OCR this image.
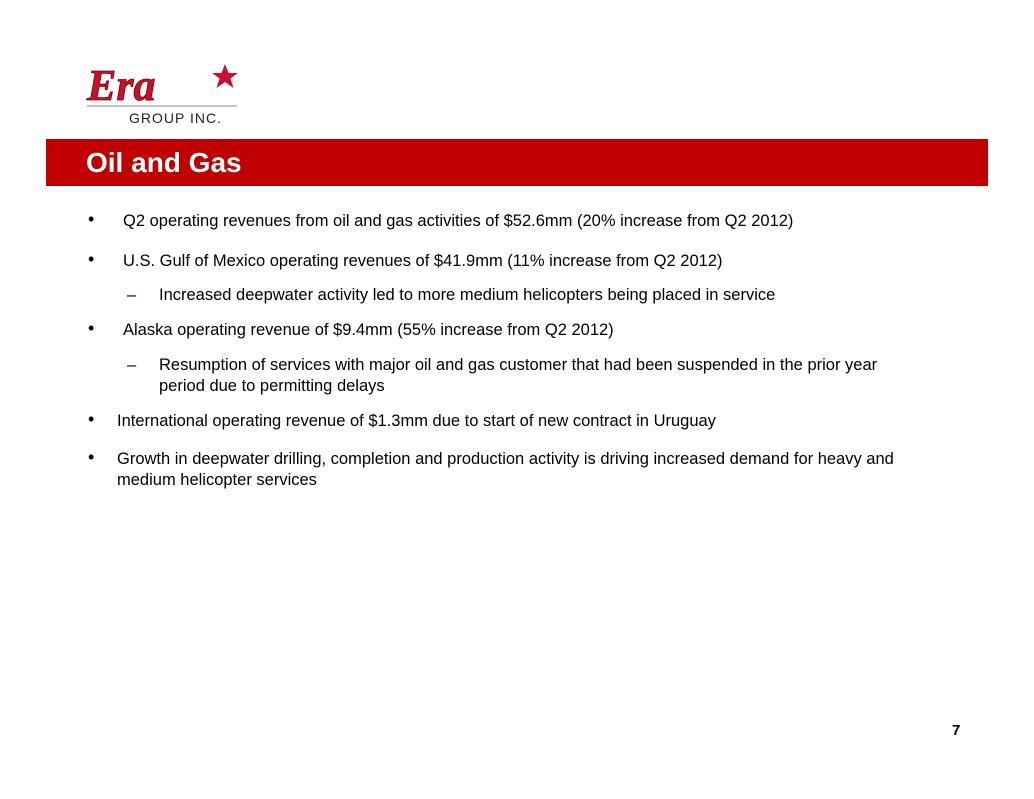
Era
GROUP INC.
Oil and Gas
• Q2 operating revenues from oil and gas activities of $52.6mm (20% increase from Q2 2012)
• U.S. Gulf of Mexico operating revenues of $41.9mm (11% increase from Q2 2012)
– Increased deepwater activity led to more medium helicopters being placed in service
• Alaska operating revenue of $9.4mm (55% increase from Q2 2012)
– Resumption of services with major oil and gas customer that had been suspended in the prior year period due to permitting delays
• International operating revenue of $1.3mm due to start of new contract in Uruguay
• Growth in deepwater drilling, completion and production activity is driving increased demand for heavy and medium helicopter services
7
